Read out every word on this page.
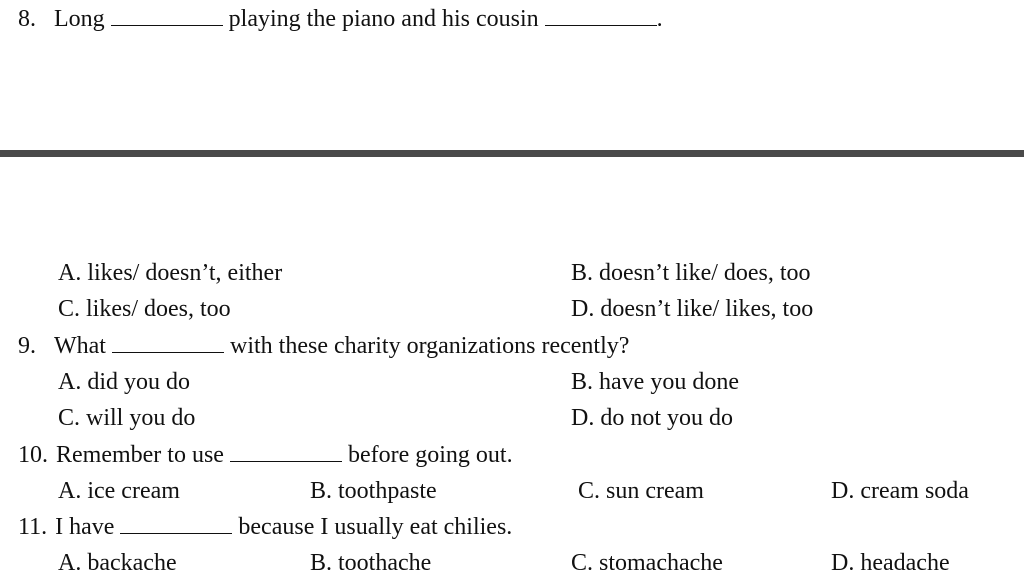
8. Long	playing the piano and his cousin	.
A. likes/ doesn’t, either	B. doesn’t like/ does, too
C. likes/ does, too	D. doesn’t like/ likes, too
9. What	with these charity organizations recently?
A. did you do	B. have you done
C. will you do	D. do not you do
10. Remember to use	before going out.
A. ice cream	B. toothpaste	C. sun cream	D. cream soda
11. I have	because I usually eat chilies.
A. backache	B. toothache	C. stomachache	D. headache
